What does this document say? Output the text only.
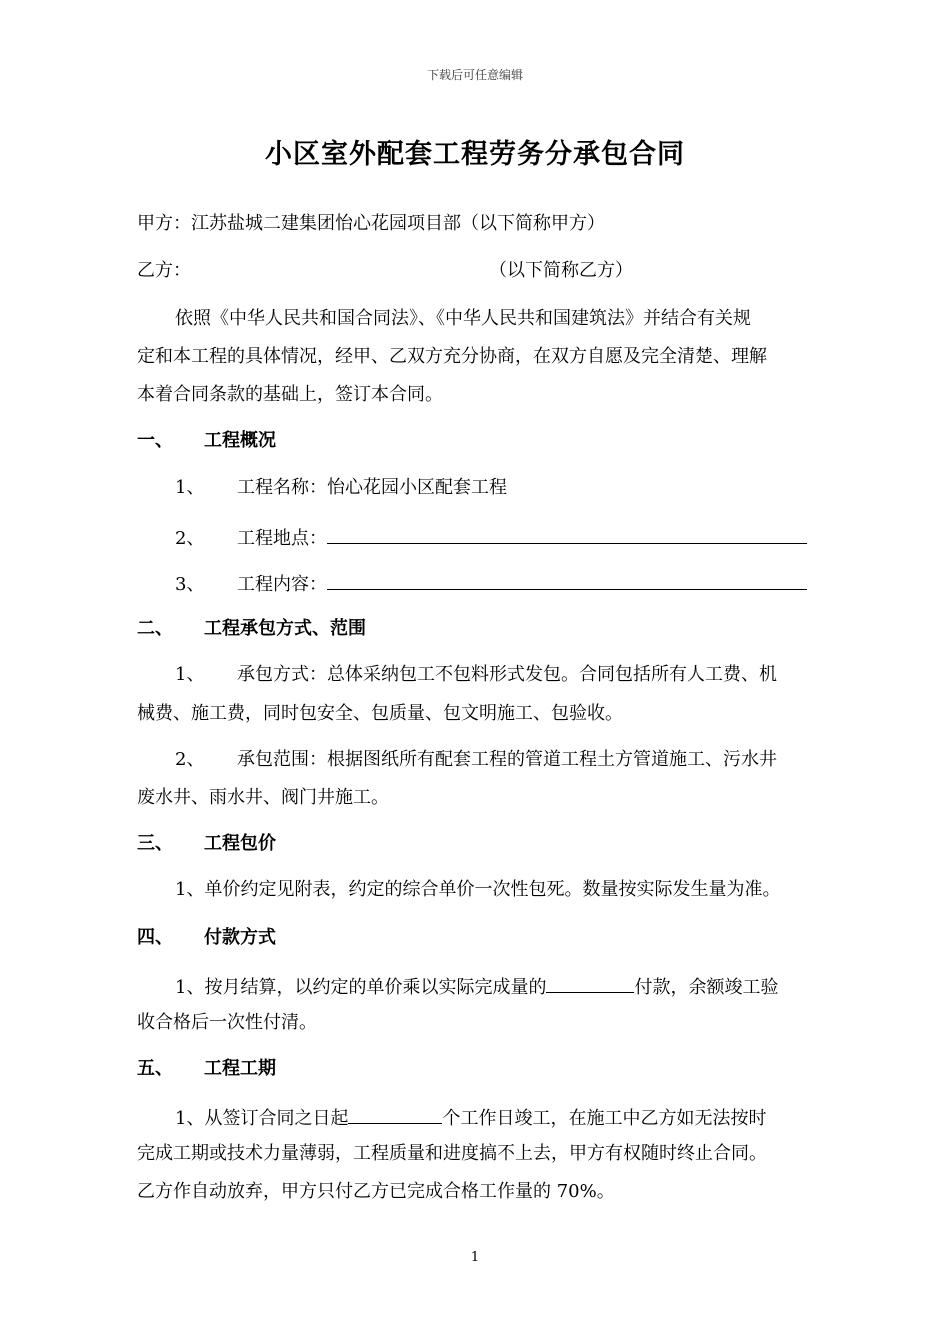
下载后可任意编辑
小区室外配套工程劳务分承包合同
甲方：江苏盐城二建集团怡心花园项目部（以下简称甲方）
乙方：	（以下简称乙方）
依照《中华人民共和国合同法》、《中华人民共和国建筑法》并结合有关规
定和本工程的具体情况，经甲、乙双方充分协商，在双方自愿及完全清楚、理解
本着合同条款的基础上，签订本合同。
一、 工程概况
1、 工程名称：怡心花园小区配套工程
2、 工程地点：
3、 工程内容：
二、 工程承包方式、范围
1、 承包方式：总体采纳包工不包料形式发包。合同包括所有人工费、机
械费、施工费，同时包安全、包质量、包文明施工、包验收。
2、 承包范围：根据图纸所有配套工程的管道工程土方管道施工、污水井
废水井、雨水井、阀门井施工。
三、 工程包价
1、单价约定见附表，约定的综合单价一次性包死。数量按实际发生量为准。
四、 付款方式
1、按月结算，以约定的单价乘以实际完成量的	付款，余额竣工验
收合格后一次性付清。
五、 工程工期
1、从签订合同之日起	个工作日竣工，在施工中乙方如无法按时
完成工期或技术力量薄弱，工程质量和进度搞不上去，甲方有权随时终止合同。
乙方作自动放弃，甲方只付乙方已完成合格工作量的 70%。
1
